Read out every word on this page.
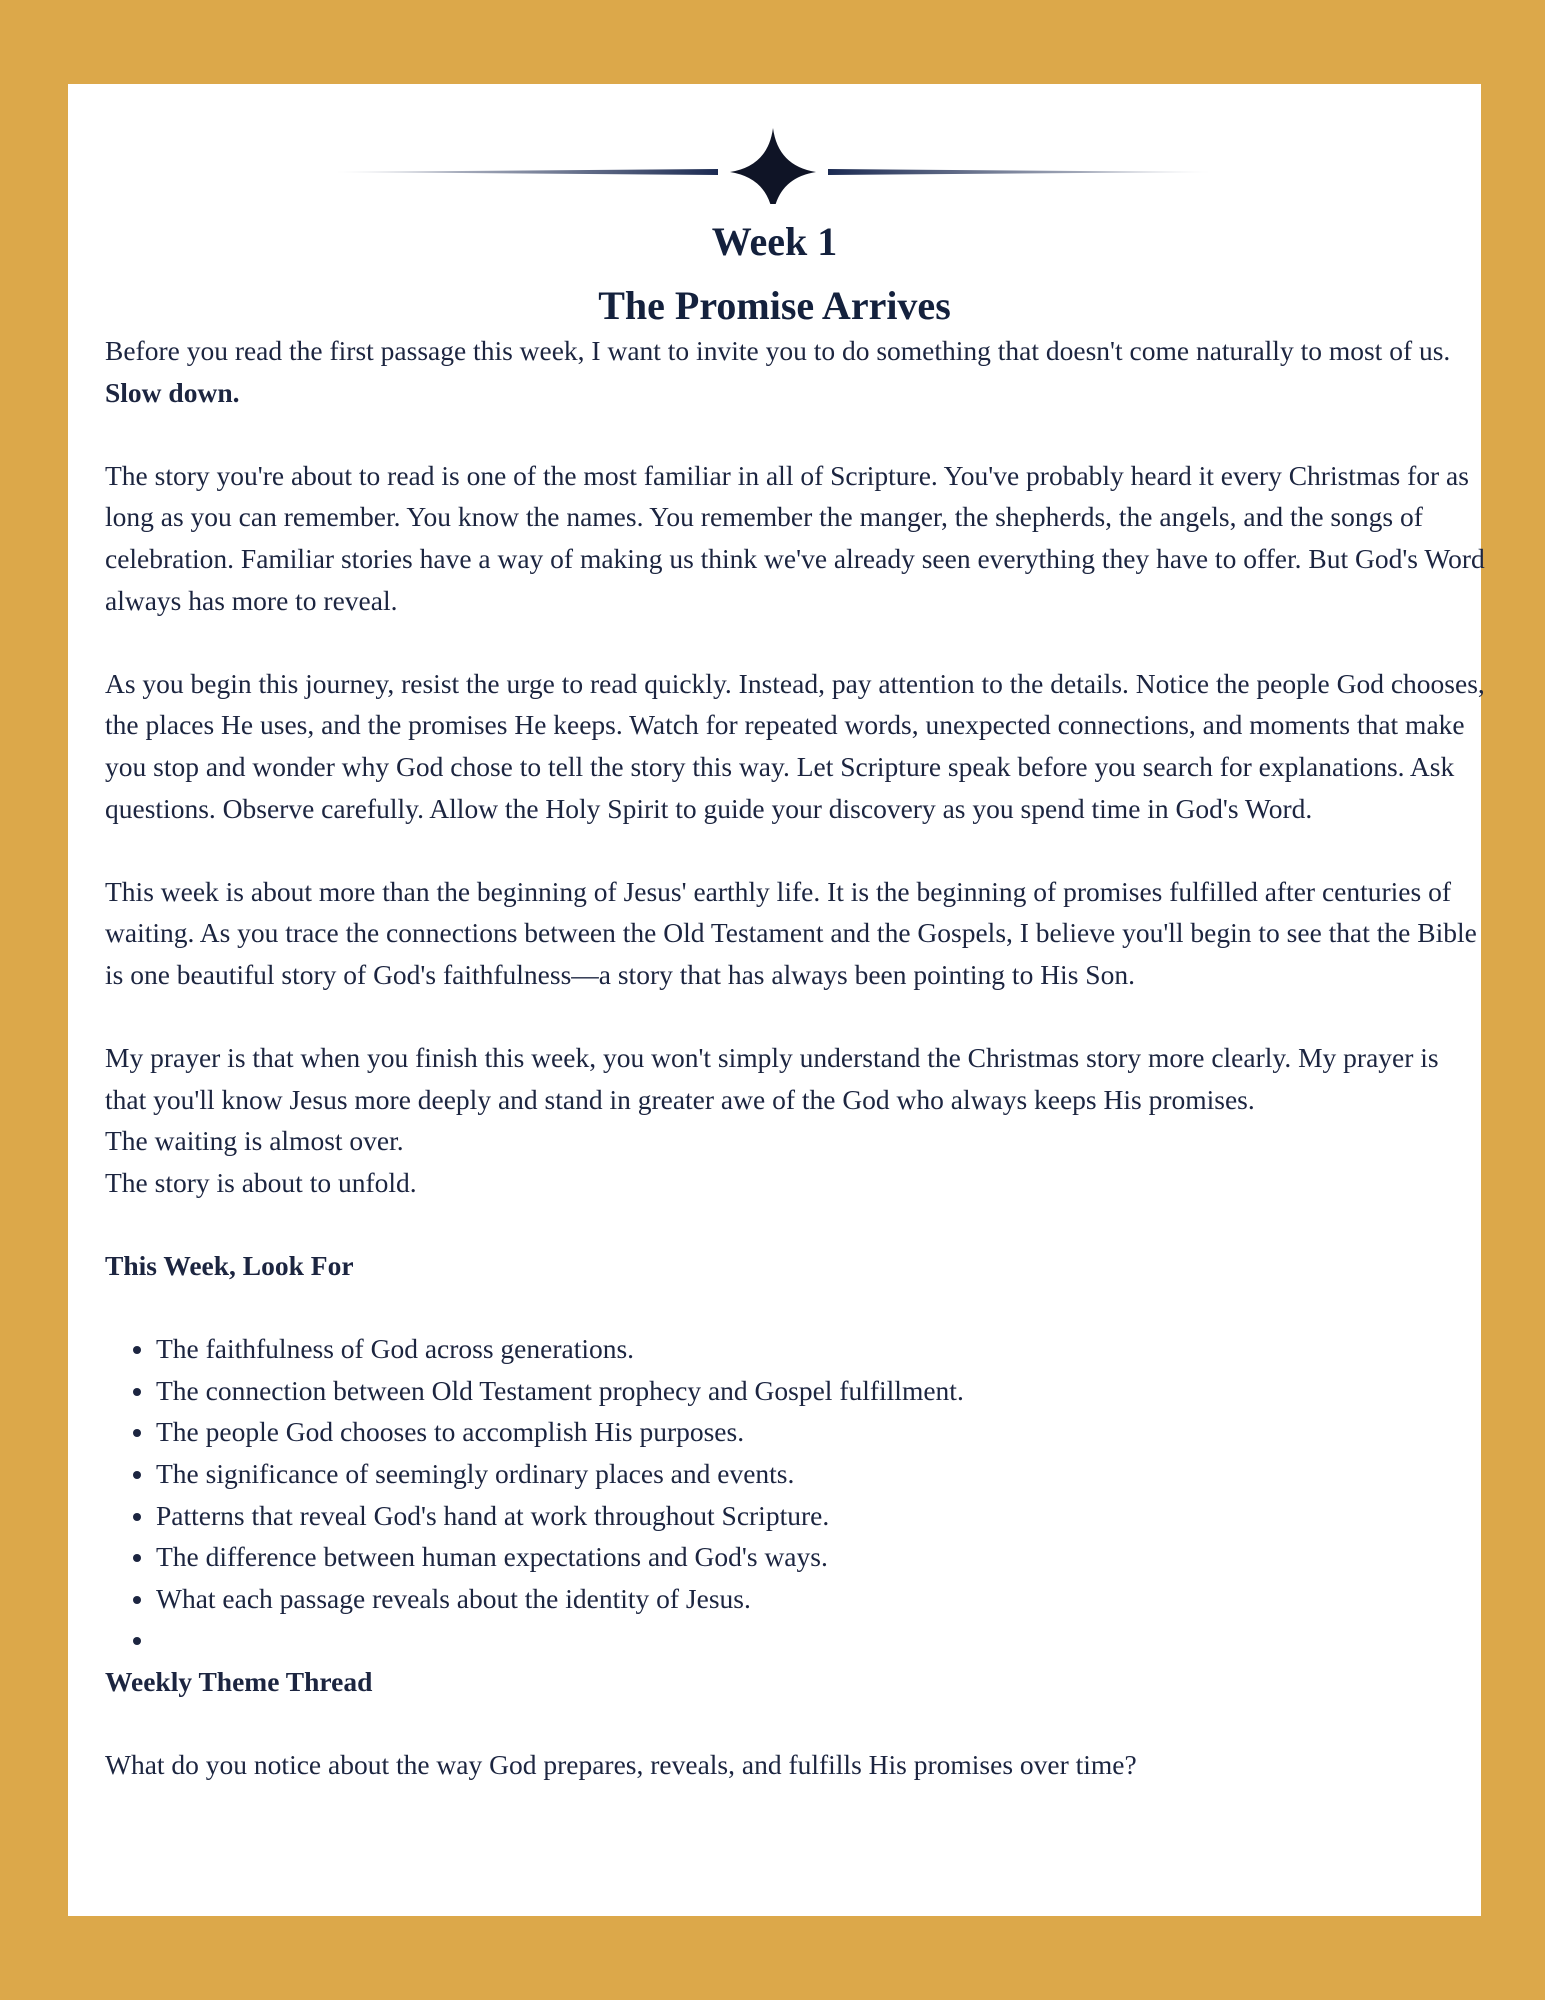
Week 1
The Promise Arrives

Before you read the first passage this week, I want to invite you to do something that doesn't come naturally to most of us. Slow down.

The story you're about to read is one of the most familiar in all of Scripture. You've probably heard it every Christmas for as long as you can remember. You know the names. You remember the manger, the shepherds, the angels, and the songs of celebration. Familiar stories have a way of making us think we've already seen everything they have to offer. But God's Word always has more to reveal.

As you begin this journey, resist the urge to read quickly. Instead, pay attention to the details. Notice the people God chooses, the places He uses, and the promises He keeps. Watch for repeated words, unexpected connections, and moments that make you stop and wonder why God chose to tell the story this way. Let Scripture speak before you search for explanations. Ask questions. Observe carefully. Allow the Holy Spirit to guide your discovery as you spend time in God's Word.

This week is about more than the beginning of Jesus' earthly life. It is the beginning of promises fulfilled after centuries of waiting. As you trace the connections between the Old Testament and the Gospels, I believe you'll begin to see that the Bible is one beautiful story of God's faithfulness—a story that has always been pointing to His Son.

My prayer is that when you finish this week, you won't simply understand the Christmas story more clearly. My prayer is that you'll know Jesus more deeply and stand in greater awe of the God who always keeps His promises.

The waiting is almost over.

The story is about to unfold.

This Week, Look For

• The faithfulness of God across generations.
• The connection between Old Testament prophecy and Gospel fulfillment.
• The people God chooses to accomplish His purposes.
• The significance of seemingly ordinary places and events.
• Patterns that reveal God's hand at work throughout Scripture.
• The difference between human expectations and God's ways.
• What each passage reveals about the identity of Jesus.
•

Weekly Theme Thread

What do you notice about the way God prepares, reveals, and fulfills His promises over time?
